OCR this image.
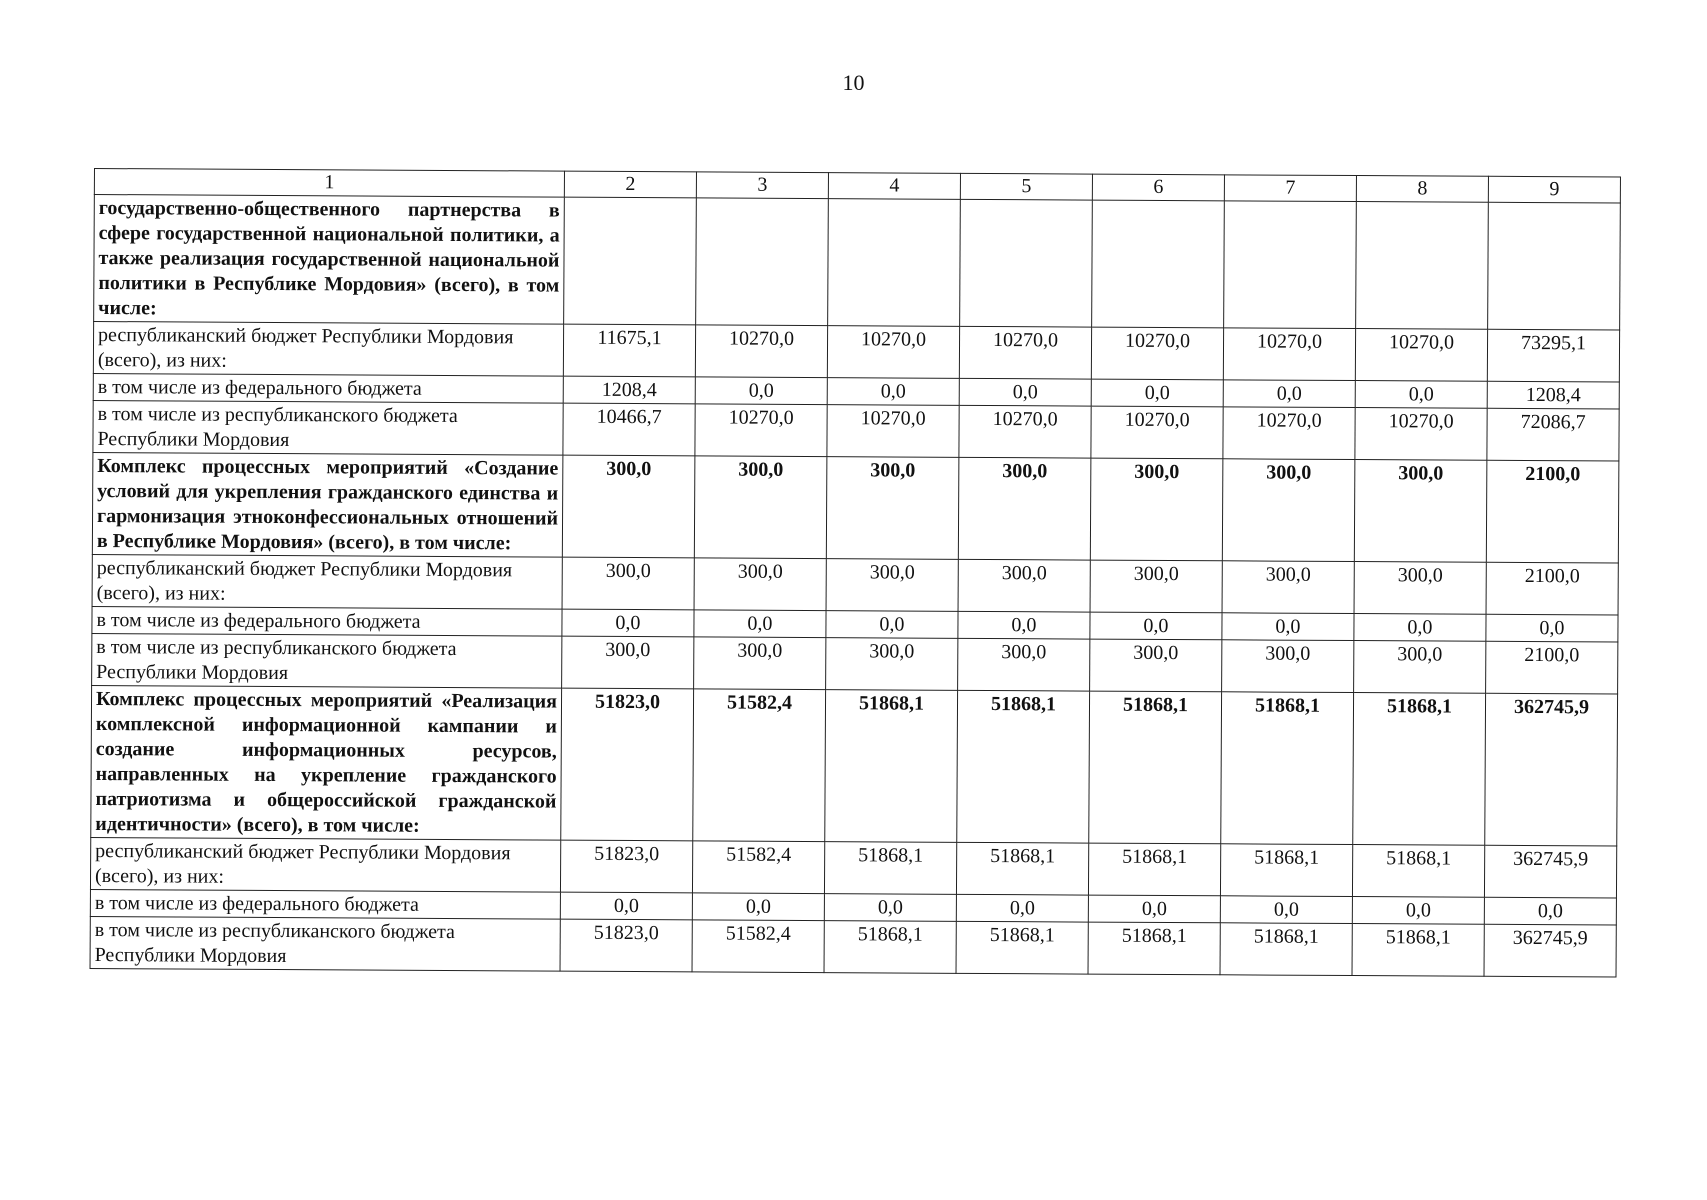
10
1	2	3	4	5	6	7	8	9
государственно-общественного партнерства в сфере государственной национальной политики, а также реализация государственной национальной политики в Республике Мордовия» (всего), в том числе:								
республиканский бюджет Республики Мордовия (всего), из них:	11675,1	10270,0	10270,0	10270,0	10270,0	10270,0	10270,0	73295,1
в том числе из федерального бюджета	1208,4	0,0	0,0	0,0	0,0	0,0	0,0	1208,4
в том числе из республиканского бюджета Республики Мордовия	10466,7	10270,0	10270,0	10270,0	10270,0	10270,0	10270,0	72086,7
Комплекс процессных мероприятий «Создание условий для укрепления гражданского единства и гармонизация этноконфессиональных отношений в Республике Мордовия» (всего), в том числе:	300,0	300,0	300,0	300,0	300,0	300,0	300,0	2100,0
республиканский бюджет Республики Мордовия (всего), из них:	300,0	300,0	300,0	300,0	300,0	300,0	300,0	2100,0
в том числе из федерального бюджета	0,0	0,0	0,0	0,0	0,0	0,0	0,0	0,0
в том числе из республиканского бюджета Республики Мордовия	300,0	300,0	300,0	300,0	300,0	300,0	300,0	2100,0
Комплекс процессных мероприятий «Реализация комплексной информационной кампании и создание информационных ресурсов, направленных на укрепление гражданского патриотизма и общероссийской гражданской идентичности» (всего), в том числе:	51823,0	51582,4	51868,1	51868,1	51868,1	51868,1	51868,1	362745,9
республиканский бюджет Республики Мордовия (всего), из них:	51823,0	51582,4	51868,1	51868,1	51868,1	51868,1	51868,1	362745,9
в том числе из федерального бюджета	0,0	0,0	0,0	0,0	0,0	0,0	0,0	0,0
в том числе из республиканского бюджета Республики Мордовия	51823,0	51582,4	51868,1	51868,1	51868,1	51868,1	51868,1	362745,9
